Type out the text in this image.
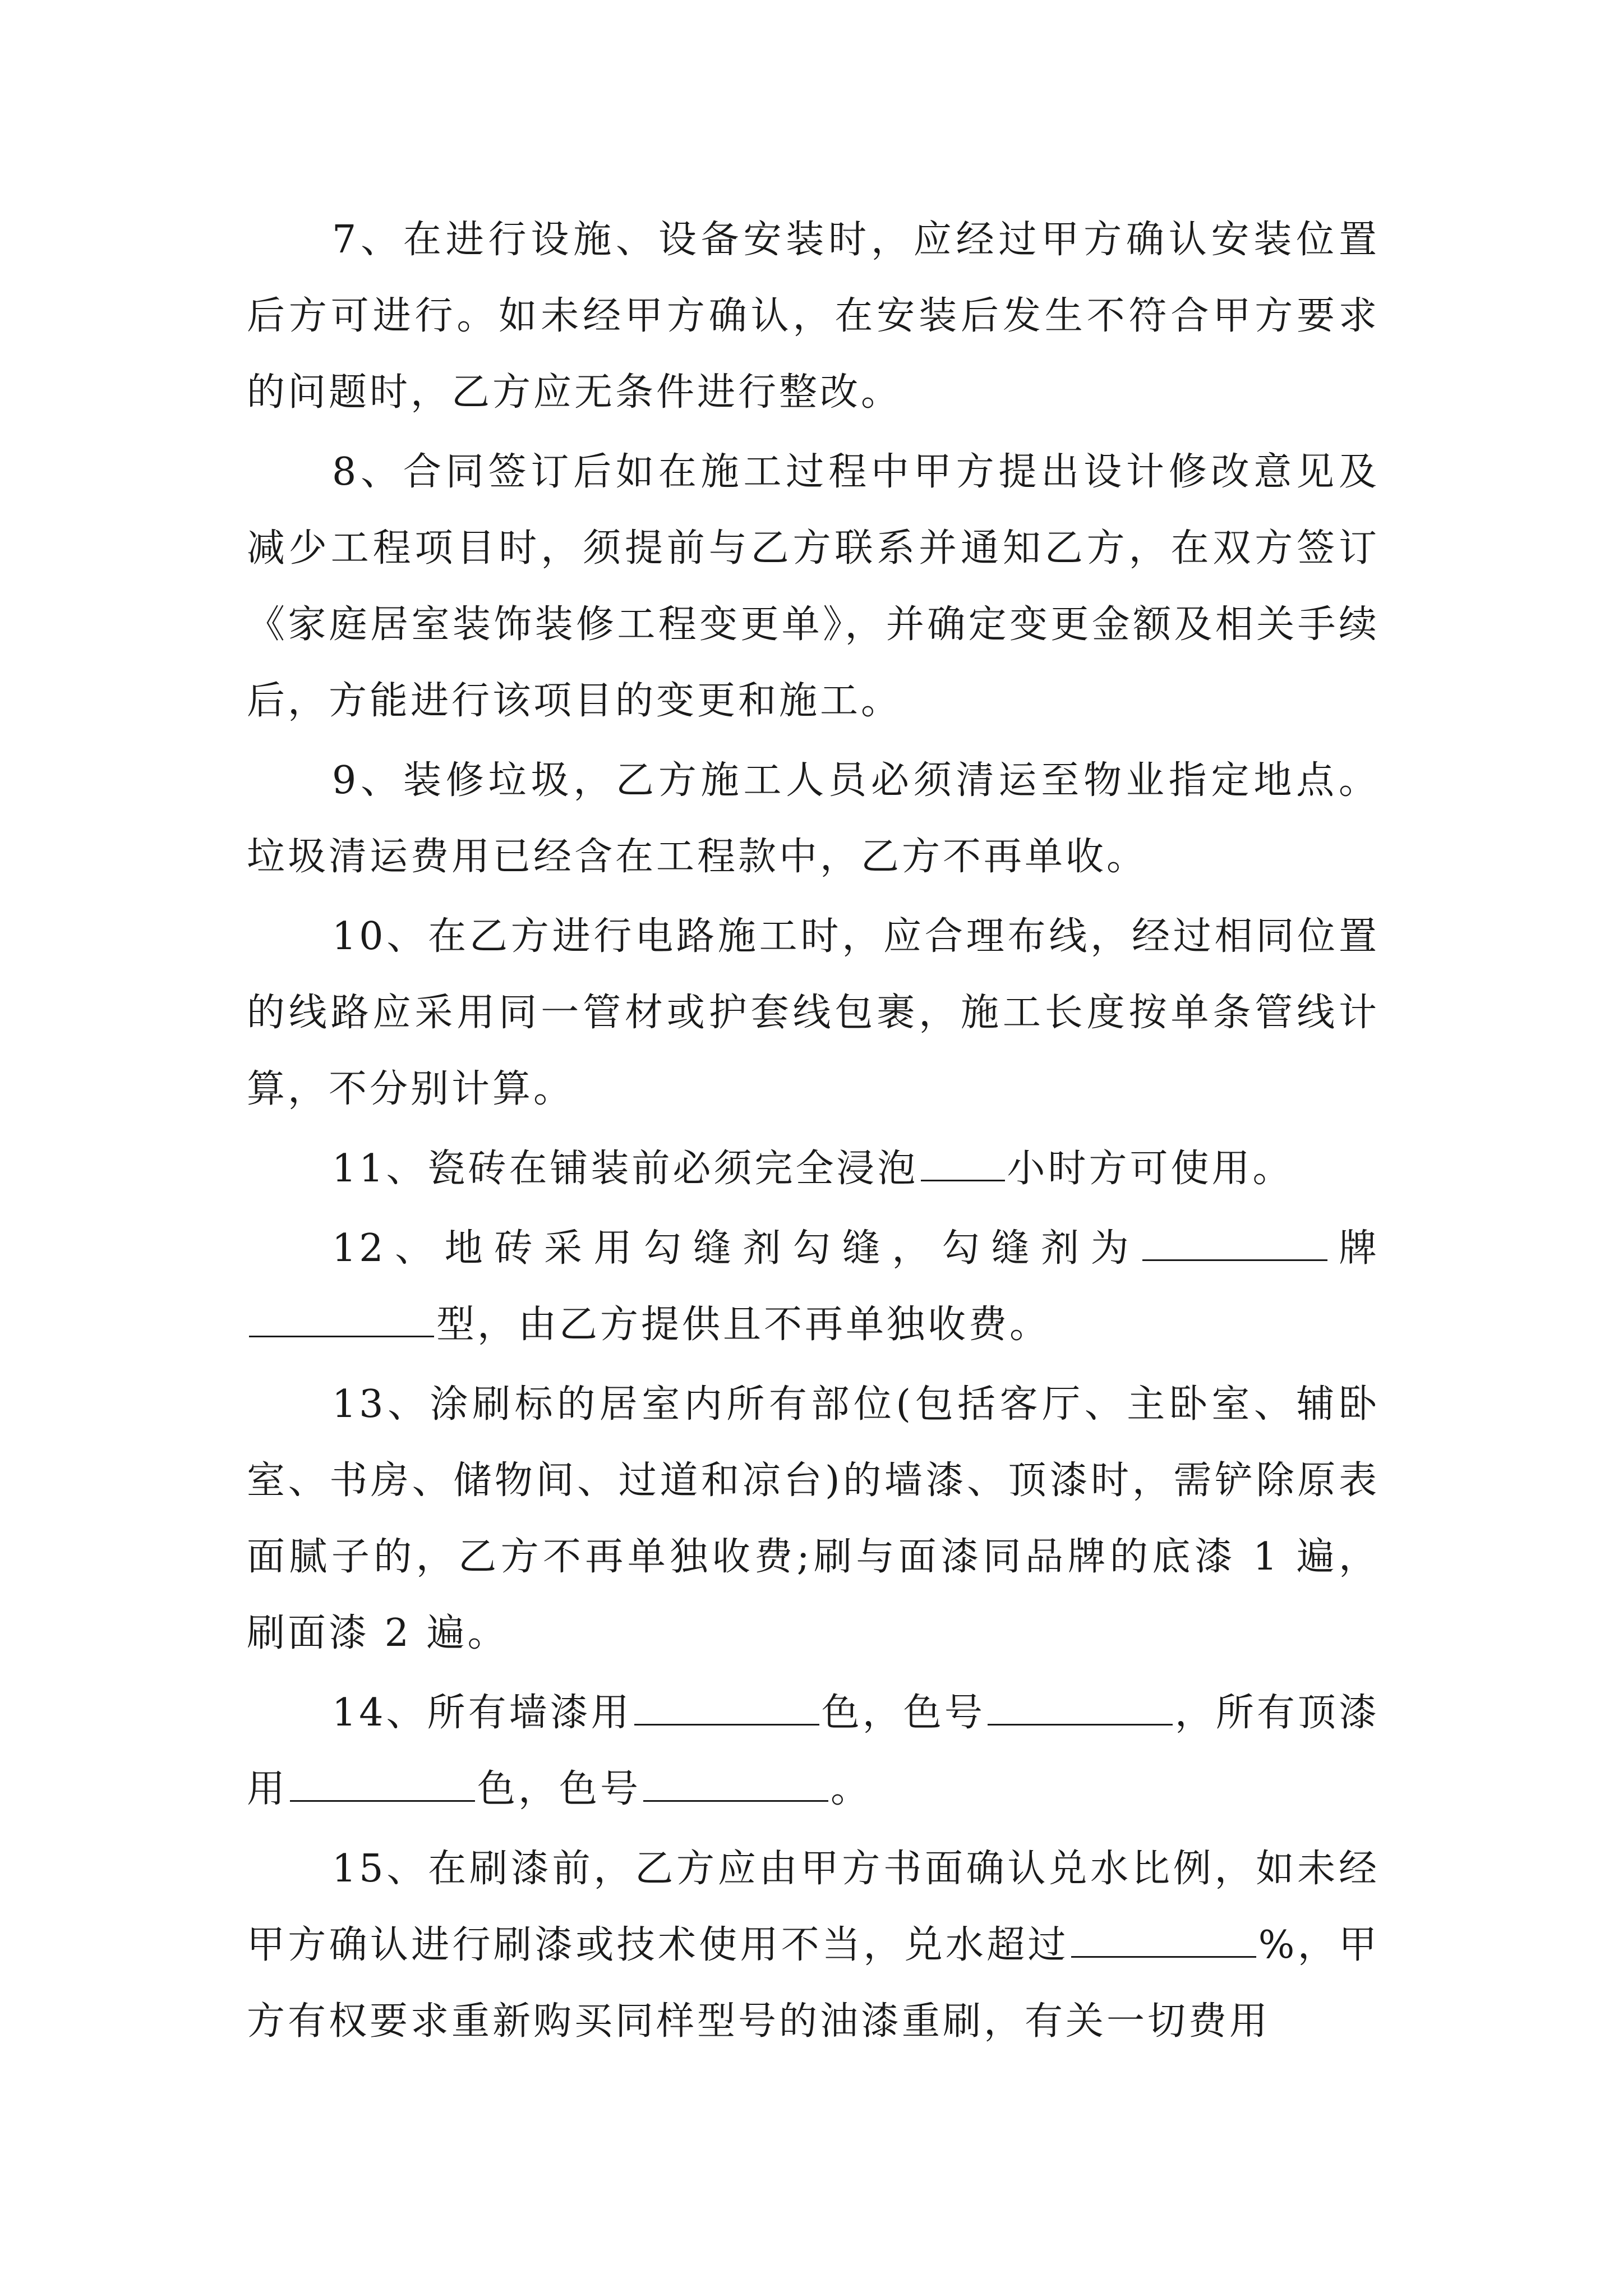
7、在进行设施、设备安装时，应经过甲方确认安装位置后方可进行。如未经甲方确认，在安装后发生不符合甲方要求的问题时，乙方应无条件进行整改。

8、合同签订后如在施工过程中甲方提出设计修改意见及减少工程项目时，须提前与乙方联系并通知乙方，在双方签订《家庭居室装饰装修工程变更单》，并确定变更金额及相关手续后，方能进行该项目的变更和施工。

9、装修垃圾，乙方施工人员必须清运至物业指定地点。垃圾清运费用已经含在工程款中，乙方不再单收。

10、在乙方进行电路施工时，应合理布线，经过相同位置的线路应采用同一管材或护套线包裹，施工长度按单条管线计算，不分别计算。

11、瓷砖在铺装前必须完全浸泡 小时方可使用。

12、地砖采用勾缝剂勾缝，勾缝剂为	牌型，由乙方提供且不再单独收费。

13、涂刷标的居室内所有部位(包括客厅、主卧室、辅卧室、书房、储物间、过道和凉台)的墙漆、顶漆时，需铲除原表面腻子的，乙方不再单独收费;刷与面漆同品牌的底漆 1 遍，刷面漆 2 遍。

14、所有墙漆用	色，色号	，所有顶漆用	色，色号	。

15、在刷漆前，乙方应由甲方书面确认兑水比例，如未经甲方确认进行刷漆或技术使用不当，兑水超过	%，甲方有权要求重新购买同样型号的油漆重刷，有关一切费用
